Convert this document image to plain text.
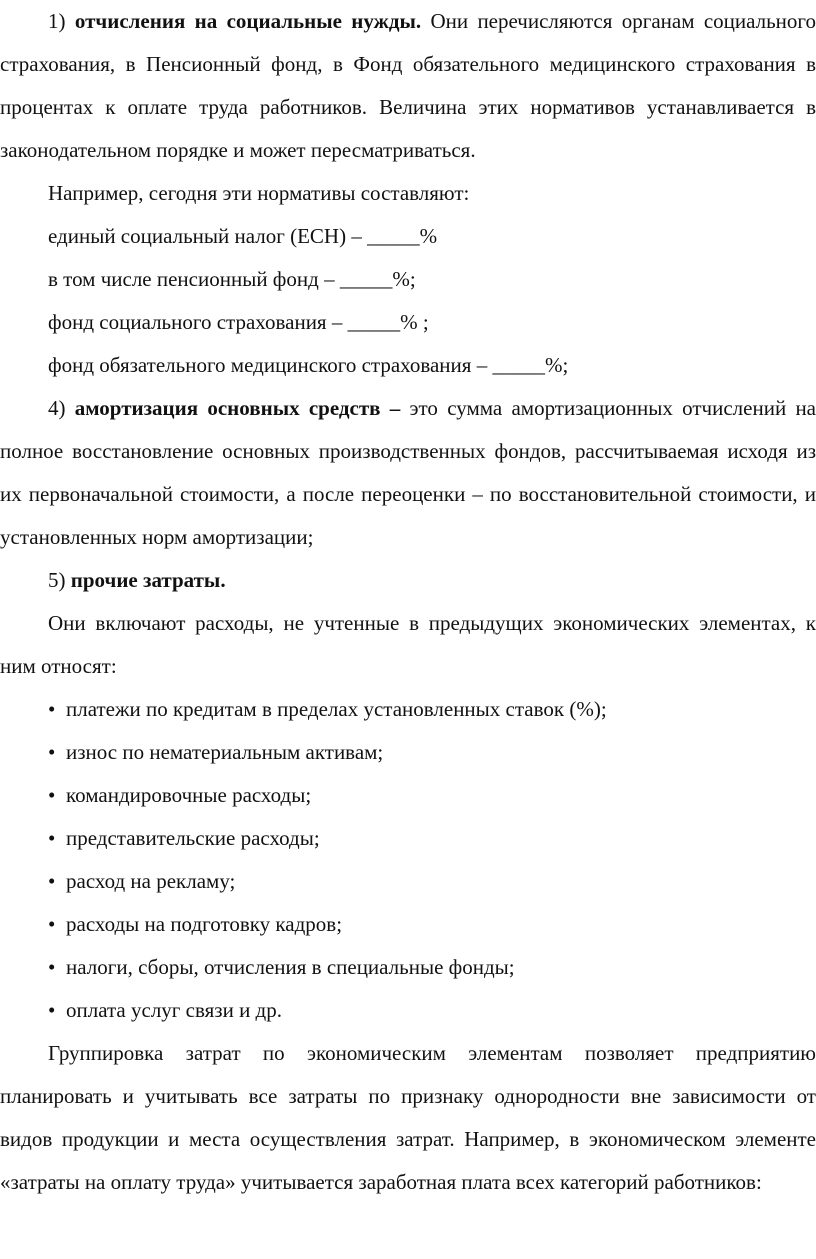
1) отчисления на социальные нужды. Они перечисляются органам социального страхования, в Пенсионный фонд, в Фонд обязательного медицинского страхования в процентах к оплате труда работников. Величина этих нормативов устанавливается в законодательном порядке и может пересматриваться.

Например, сегодня эти нормативы составляют:

единый социальный налог (ЕСН) – _____%

в том числе пенсионный фонд – _____%;

фонд социального страхования – _____% ;

фонд обязательного медицинского страхования – _____%;

4) амортизация основных средств – это сумма амортизационных отчислений на полное восстановление основных производственных фондов, рассчитываемая исходя из их первоначальной стоимости, а после переоценки – по восстановительной стоимости, и установленных норм амортизации;

5) прочие затраты.

Они включают расходы, не учтенные в предыдущих экономических элементах, к ним относят:

• платежи по кредитам в пределах установленных ставок (%);

• износ по нематериальным активам;

• командировочные расходы;

• представительские расходы;

• расход на рекламу;

• расходы на подготовку кадров;

• налоги, сборы, отчисления в специальные фонды;

• оплата услуг связи и др.

Группировка затрат по экономическим элементам позволяет предприятию планировать и учитывать все затраты по признаку однородности вне зависимости от видов продукции и места осуществления затрат. Например, в экономическом элементе «затраты на оплату труда» учитывается заработная плата всех категорий работников:
